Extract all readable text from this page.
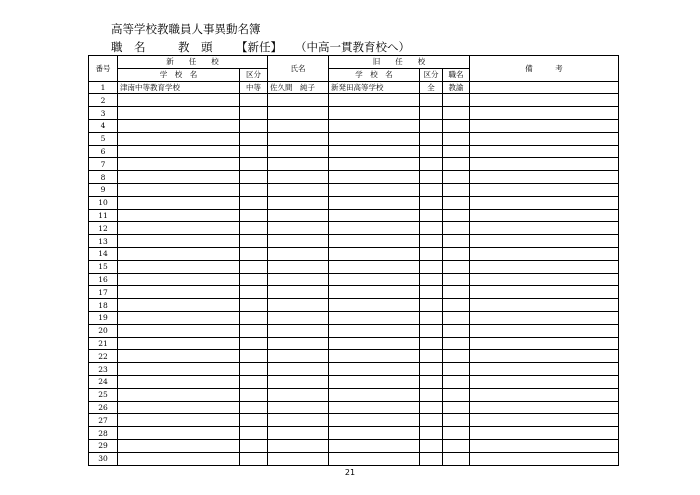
高等学校教職員人事異動名簿
職　名	教　頭 【新任】 （中高一貫教育校へ）
番号	新　　任　　校		氏名	旧　　任　　校			備　　　考
	学　校　名	区分		学　校　名	区分	職名	
1	津南中等教育学校	中等	佐久間　純子	新発田高等学校	全	教諭	
2							
3							
4							
5							
6							
7							
8							
9							
10							
11							
12							
13							
14							
15							
16							
17							
18							
19							
20							
21							
22							
23							
24							
25							
26							
27							
28							
29							
30							
21
